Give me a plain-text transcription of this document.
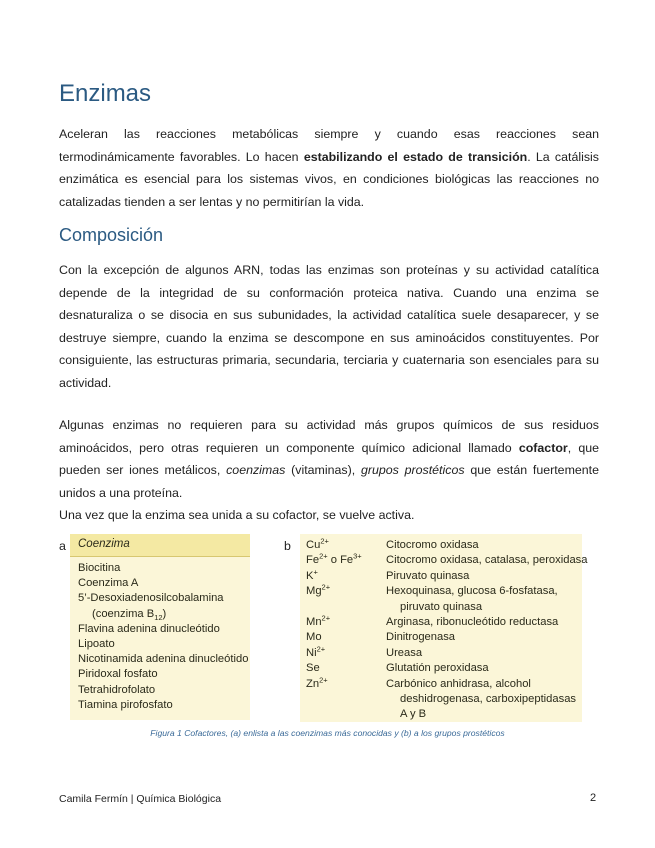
Enzimas

Aceleran las reacciones metabólicas siempre y cuando esas reacciones sean termodinámicamente favorables. Lo hacen estabilizando el estado de transición. La catálisis enzimática es esencial para los sistemas vivos, en condiciones biológicas las reacciones no catalizadas tienden a ser lentas y no permitirían la vida.

Composición

Con la excepción de algunos ARN, todas las enzimas son proteínas y su actividad catalítica depende de la integridad de su conformación proteica nativa. Cuando una enzima se desnaturaliza o se disocia en sus subunidades, la actividad catalítica suele desaparecer, y se destruye siempre, cuando la enzima se descompone en sus aminoácidos constituyentes. Por consiguiente, las estructuras primaria, secundaria, terciaria y cuaternaria son esenciales para su actividad.

Algunas enzimas no requieren para su actividad más grupos químicos de sus residuos aminoácidos, pero otras requieren un componente químico adicional llamado cofactor, que pueden ser iones metálicos, coenzimas (vitaminas), grupos prostéticos que están fuertemente unidos a una proteína.

Una vez que la enzima sea unida a su cofactor, se vuelve activa.

a Coenzima
Biocitina
Coenzima A
5’-Desoxiadenosilcobalamina
(coenzima $B_{12}$)
Flavina adenina dinucleótido
Lipoato
Nicotinamida adenina dinucleótido
Piridoxal fosfato
Tetrahidrofolato
Tiamina pirofosfato
b $Cu^{2+}$	Citocromo oxidasa
$Fe^{2+}$ o $Fe^{3+}$	Citocromo oxidasa, catalasa, peroxidasa
K+	Piruvato quinasa
$Mg^{2+}$	Hexoquinasa, glucosa 6-fosfatasa,
piruvato quinasa
$Mn^{2+}$	Arginasa, ribonucleótido reductasa
Mo	Dinitrogenasa
$Ni^{2+}$	Ureasa
Se	Glutatión peroxidasa
$Zn^{2+}$	Carbónico anhidrasa, alcohol
deshidrogenasa, carboxipeptidasas
A y B
Figura 1 Cofactores, (a) enlista a las coenzimas más conocidas y (b) a los grupos prostéticos
Camila Fermín | Química Biológica	2
